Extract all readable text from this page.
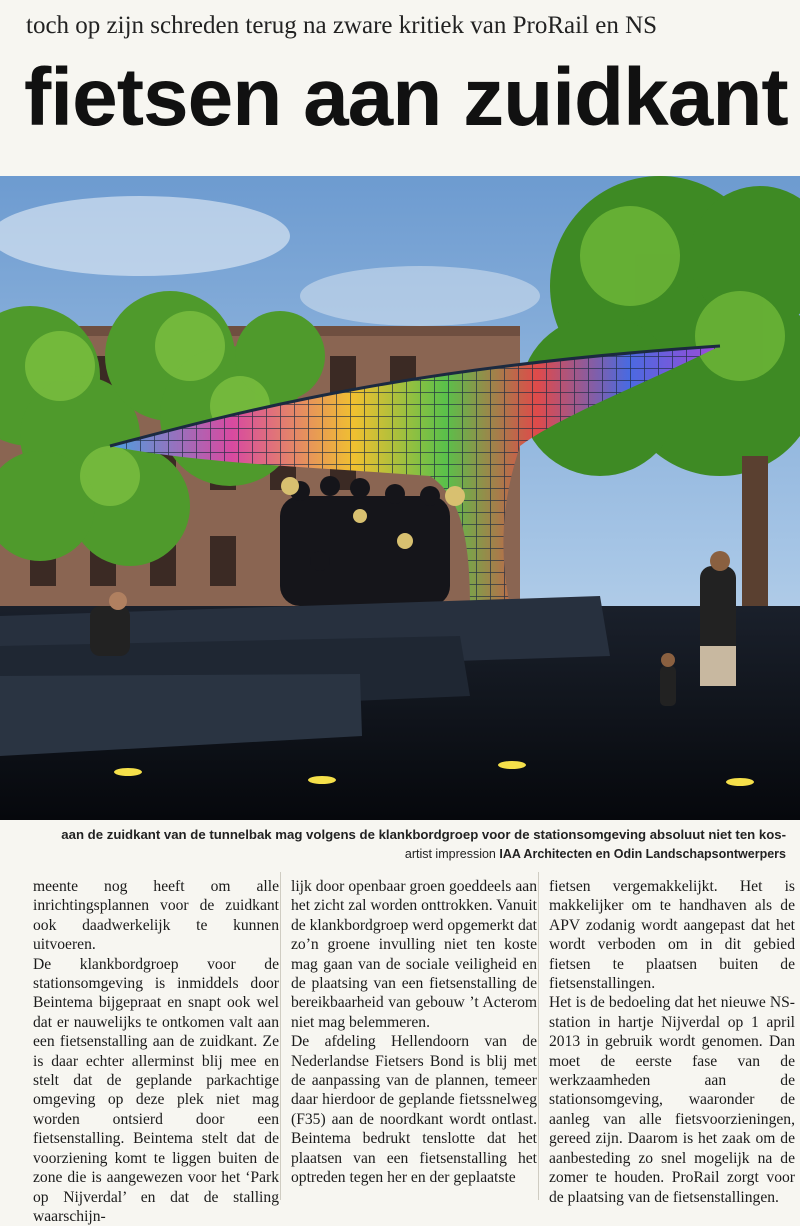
toch op zijn schreden terug na zware kritiek van ProRail en NS
fietsen aan zuidkant
aan de zuidkant van de tunnelbak mag volgens de klankbordgroep voor de stationsomgeving absoluut niet ten kos-
artist impression IAA Architecten en Odin Landschapsontwerpers

meente nog heeft om alle inrichtingsplannen voor de zuidkant ook daadwerkelijk te kunnen uitvoeren.

De klankbordgroep voor de stationsomgeving is inmiddels door Beintema bijgepraat en snapt ook wel dat er nauwelijks te ontkomen valt aan een fietsenstalling aan de zuidkant. Ze is daar echter allerminst blij mee en stelt dat de geplande parkachtige omgeving op deze plek niet mag worden ontsierd door een fietsenstalling. Beintema stelt dat de voorziening komt te liggen buiten de zone die is aangewezen voor het ‘Park op Nijverdal’ en dat de stalling waarschijn-

lijk door openbaar groen goeddeels aan het zicht zal worden onttrokken. Vanuit de klankbordgroep werd opgemerkt dat zo’n groene invulling niet ten koste mag gaan van de sociale veiligheid en de plaatsing van een fietsenstalling de bereikbaarheid van gebouw ’t Acterom niet mag belemmeren.

De afdeling Hellendoorn van de Nederlandse Fietsers Bond is blij met de aanpassing van de plannen, temeer daar hierdoor de geplande fietssnelweg (F35) aan de noordkant wordt ontlast. Beintema bedrukt tenslotte dat het plaatsen van een fietsenstalling het optreden tegen her en der geplaatste

fietsen vergemakkelijkt. Het is makkelijker om te handhaven als de APV zodanig wordt aangepast dat het wordt verboden om in dit gebied fietsen te plaatsen buiten de fietsenstallingen.

Het is de bedoeling dat het nieuwe NS-station in hartje Nijverdal op 1 april 2013 in gebruik wordt genomen. Dan moet de eerste fase van de werkzaamheden aan de stationsomgeving, waaronder de aanleg van alle fietsvoorzieningen, gereed zijn. Daarom is het zaak om de aanbesteding zo snel mogelijk na de zomer te houden. ProRail zorgt voor de plaatsing van de fietsenstallingen.
